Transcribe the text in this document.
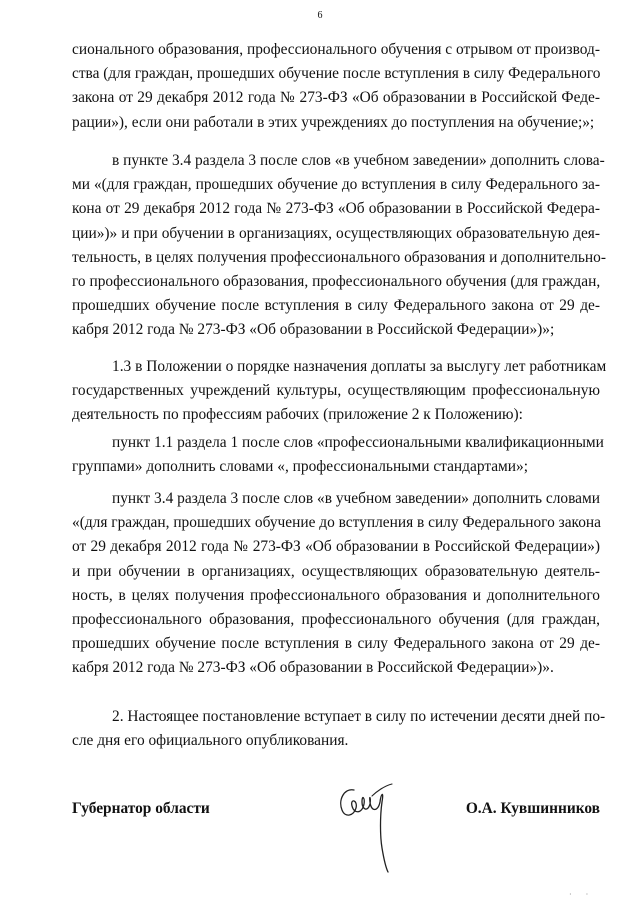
6
сионального образования, профессионального обучения с отрывом от производ-
ства (для граждан, прошедших обучение после вступления в силу Федерального
закона от 29 декабря 2012 года № 273-ФЗ «Об образовании в Российской Феде-
рации»), если они работали в этих учреждениях до поступления на обучение;»;
в пункте 3.4 раздела 3 после слов «в учебном заведении» дополнить слова-
ми «(для граждан, прошедших обучение до вступления в силу Федерального за-
кона от 29 декабря 2012 года № 273-ФЗ «Об образовании в Российской Федера-
ции»)» и при обучении в организациях, осуществляющих образовательную дея-
тельность, в целях получения профессионального образования и дополнительно-
го профессионального образования, профессионального обучения (для граждан,
прошедших обучение после вступления в силу Федерального закона от 29 де-
кабря 2012 года № 273-ФЗ «Об образовании в Российской Федерации»)»;
1.3 в Положении о порядке назначения доплаты за выслугу лет работникам
государственных учреждений культуры, осуществляющим профессиональную
деятельность по профессиям рабочих (приложение 2 к Положению):
пункт 1.1 раздела 1 после слов «профессиональными квалификационными
группами» дополнить словами «, профессиональными стандартами»;
пункт 3.4 раздела 3 после слов «в учебном заведении» дополнить словами
«(для граждан, прошедших обучение до вступления в силу Федерального закона
от 29 декабря 2012 года № 273-ФЗ «Об образовании в Российской Федерации»)
и при обучении в организациях, осуществляющих образовательную деятель-
ность, в целях получения профессионального образования и дополнительного
профессионального образования, профессионального обучения (для граждан,
прошедших обучение после вступления в силу Федерального закона от 29 де-
кабря 2012 года № 273-ФЗ «Об образовании в Российской Федерации»)».
2. Настоящее постановление вступает в силу по истечении десяти дней по-
сле дня его официального опубликования.
Губернатор области	О.А. Кувшинников
· ·
